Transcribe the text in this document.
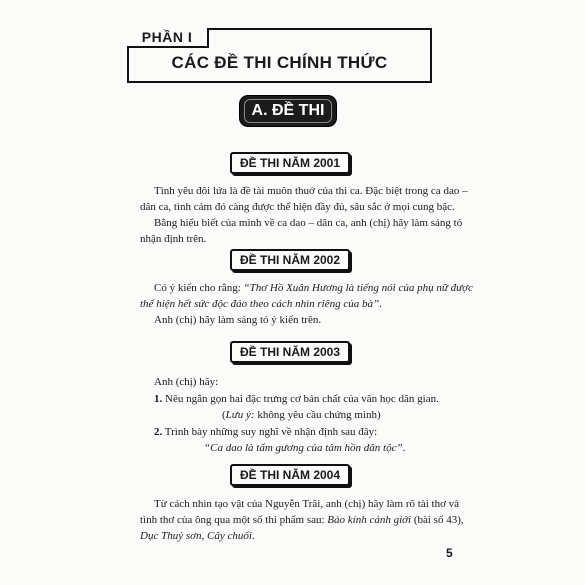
PHẦN I
CÁC ĐỀ THI CHÍNH THỨC
A. ĐỀ THI
ĐỀ THI NĂM 2001

Tình yêu đôi lứa là đề tài muôn thuở của thi ca. Đặc biệt trong ca dao –

dân ca, tình cảm đó càng được thể hiện đầy đủ, sâu sắc ở mọi cung bậc.

Bằng hiểu biết của mình về ca dao – dân ca, anh (chị) hãy làm sáng tỏ

nhận định trên.

ĐỀ THI NĂM 2002

Có ý kiến cho rằng: “Thơ Hồ Xuân Hương là tiếng nói của phụ nữ được

thể hiện hết sức độc đáo theo cách nhìn riêng của bà”.

Anh (chị) hãy làm sáng tỏ ý kiến trên.

ĐỀ THI NĂM 2003

Anh (chị) hãy:

1. Nêu ngắn gọn hai đặc trưng cơ bản chất của văn học dân gian.

(Lưu ý: không yêu cầu chứng minh)

2. Trình bày những suy nghĩ về nhận định sau đây:

“Ca dao là tấm gương của tâm hồn dân tộc”.
ĐỀ THI NĂM 2004

Từ cách nhìn tạo vật của Nguyễn Trãi, anh (chị) hãy làm rõ tài thơ và

tình thơ của ông qua một số thi phẩm sau: Bảo kính cảnh giới (bài số 43),

Dục Thuỷ sơn, Cây chuối.

5
